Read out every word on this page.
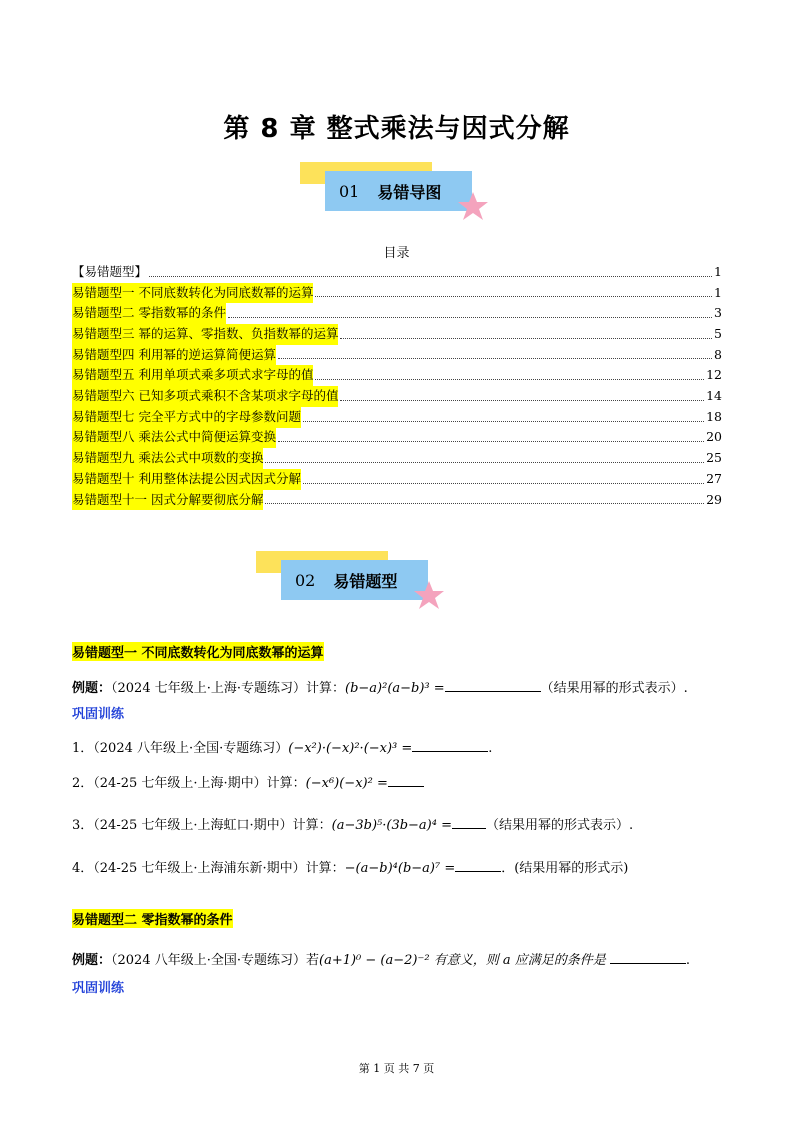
第 8 章 整式乘法与因式分解
01 易错导图
目录
【易错题型】	1
易错题型一 不同底数转化为同底数幂的运算	1
易错题型二 零指数幂的条件	3
易错题型三 幂的运算、零指数、负指数幂的运算	5
易错题型四 利用幂的逆运算简便运算	8
易错题型五 利用单项式乘多项式求字母的值	12
易错题型六 已知多项式乘积不含某项求字母的值	14
易错题型七 完全平方式中的字母参数问题	18
易错题型八 乘法公式中简便运算变换	20
易错题型九 乘法公式中项数的变换	25
易错题型十 利用整体法提公因式因式分解	27
易错题型十一 因式分解要彻底分解	29
02 易错题型
易错题型一 不同底数转化为同底数幂的运算
例题：（2024 七年级上·上海·专题练习）计算：(b−a)²(a−b)³ =	（结果用幂的形式表示）.
巩固训练
1．（2024 八年级上·全国·专题练习）(−x²)·(−x)²·(−x)³ =	.
2．（24-25 七年级上·上海·期中）计算：(−x⁶)(−x)² =
3．（24-25 七年级上·上海虹口·期中）计算：(a−3b)⁵·(3b−a)⁴ =	（结果用幂的形式表示）.
4．（24-25 七年级上·上海浦东新·期中）计算：−(a−b)⁴(b−a)⁷ =	．(结果用幂的形式示)
易错题型二 零指数幂的条件
例题：（2024 八年级上·全国·专题练习）若(a+1)⁰ − (a−2)⁻² 有意义，则 a 应满足的条件是	.
巩固训练
第 1 页 共 7 页
